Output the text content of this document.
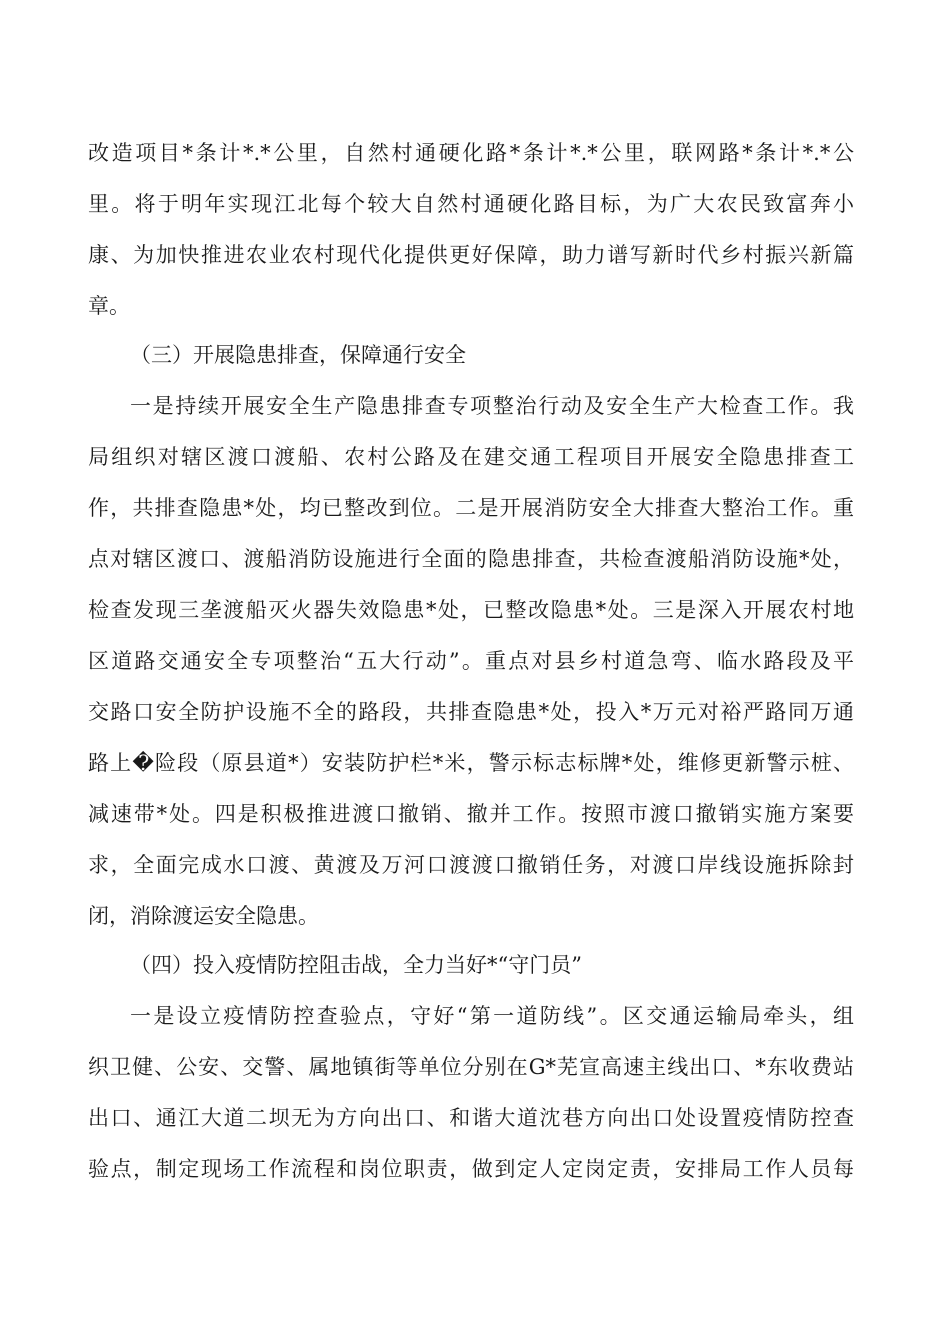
改造项目*条计*.*公里，自然村通硬化路*条计*.*公里，联网路*条计*.*公
里。将于明年实现江北每个较大自然村通硬化路目标，为广大农民致富奔小
康、为加快推进农业农村现代化提供更好保障，助力谱写新时代乡村振兴新篇
章。
（三）开展隐患排查，保障通行安全
一是持续开展安全生产隐患排查专项整治行动及安全生产大检查工作。我
局组织对辖区渡口渡船、农村公路及在建交通工程项目开展安全隐患排查工
作，共排查隐患*处，均已整改到位。二是开展消防安全大排查大整治工作。重
点对辖区渡口、渡船消防设施进行全面的隐患排查，共检查渡船消防设施*处，
检查发现三垄渡船灭火器失效隐患*处，已整改隐患*处。三是深入开展农村地
区道路交通安全专项整治“五大行动”。重点对县乡村道急弯、临水路段及平
交路口安全防护设施不全的路段，共排查隐患*处，投入*万元对裕严路同万通
路上�险段（原县道*）安装防护栏*米，警示标志标牌*处，维修更新警示桩、
减速带*处。四是积极推进渡口撤销、撤并工作。按照市渡口撤销实施方案要
求，全面完成水口渡、黄渡及万河口渡渡口撤销任务，对渡口岸线设施拆除封
闭，消除渡运安全隐患。
（四）投入疫情防控阻击战，全力当好*“守门员”
一是设立疫情防控查验点，守好“第一道防线”。区交通运输局牵头，组
织卫健、公安、交警、属地镇街等单位分别在G*芜宣高速主线出口、*东收费站
出口、通江大道二坝无为方向出口、和谐大道沈巷方向出口处设置疫情防控查
验点，制定现场工作流程和岗位职责，做到定人定岗定责，安排局工作人员每
